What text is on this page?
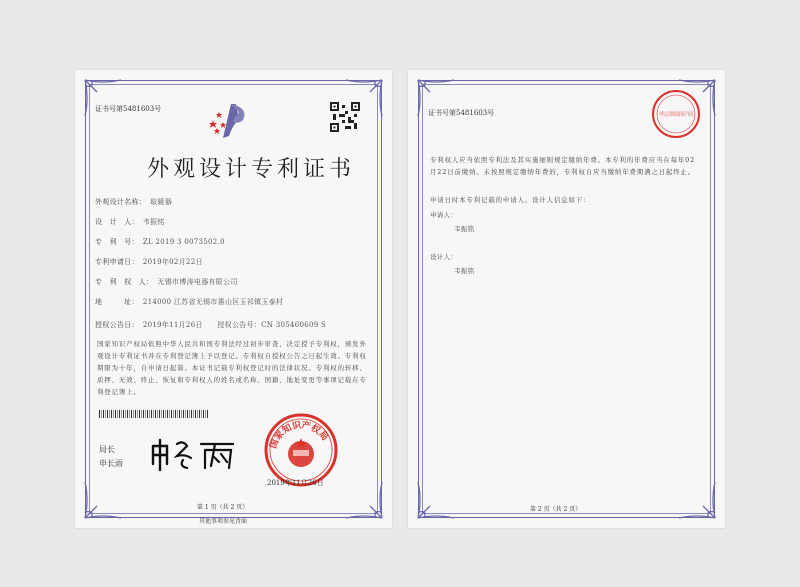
证书号第5481603号
外观设计专利证书
外观设计名称： 取暖器
设　计　人： 韦振铭
专　利　号： ZL 2019 3 0073502.0
专利申请日： 2019年02月22日
专　利　权　人： 无锡市博涛电器有限公司
地　　　址： 214000 江苏省无锡市惠山区玉祁镇玉泰村
授权公告日： 2019年11月26日　　授权公告号：CN 305460609 S
国家知识产权局依照中华人民共和国专利法经过初步审查，决定授予专利权，颁发外观设计专利证书并在专利登记簿上予以登记。专利权自授权公告之日起生效。专利权期限为十年，自申请日起算。本证书记载专利权登记时的法律状况。专利权的转移、质押、无效、终止、恢复和专利权人的姓名或名称、国籍、地址变更等事项记载在专利登记簿上。
局长
申长雨
国家知识产权局
2019年11月26日
第 1 页（共 2 页）
其他事项参见背面
证书号第5481603号	中华人民共和国国家知识产权局
专利权人应当依照专利法及其实施细则规定缴纳年费。本专利的年费应当在每年02月22日前缴纳。未按照规定缴纳年费的，专利权自应当缴纳年费期满之日起终止。
申请日时本专利记载的申请人、设计人信息如下：
申请人：
韦振铭
设计人：
韦振铭
第 2 页（共 2 页）
